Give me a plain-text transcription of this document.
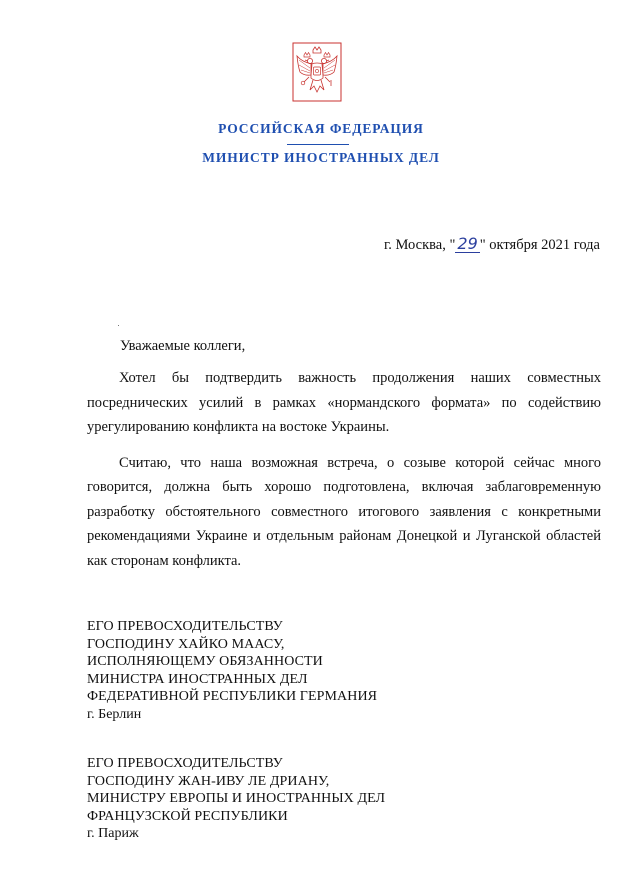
РОССИЙСКАЯ ФЕДЕРАЦИЯ
МИНИСТР ИНОСТРАННЫХ ДЕЛ
г. Москва, " 29 " октября 2021 года
Уважаемые коллеги,

Хотел бы подтвердить важность продолжения наших совместных посреднических усилий в рамках «нормандского формата» по содействию урегулированию конфликта на востоке Украины.

Считаю, что наша возможная встреча, о созыве которой сейчас много говорится, должна быть хорошо подготовлена, включая заблаговременную разработку обстоятельного совместного итогового заявления с конкретными рекомендациями Украине и отдельным районам Донецкой и Луганской областей как сторонам конфликта.

ЕГО ПРЕВОСХОДИТЕЛЬСТВУ
ГОСПОДИНУ ХАЙКО МААСУ,
ИСПОЛНЯЮЩЕМУ ОБЯЗАННОСТИ
МИНИСТРА ИНОСТРАННЫХ ДЕЛ
ФЕДЕРАТИВНОЙ РЕСПУБЛИКИ ГЕРМАНИЯ
г. Берлин
ЕГО ПРЕВОСХОДИТЕЛЬСТВУ
ГОСПОДИНУ ЖАН-ИВУ ЛЕ ДРИАНУ,
МИНИСТРУ ЕВРОПЫ И ИНОСТРАННЫХ ДЕЛ
ФРАНЦУЗСКОЙ РЕСПУБЛИКИ
г. Париж
